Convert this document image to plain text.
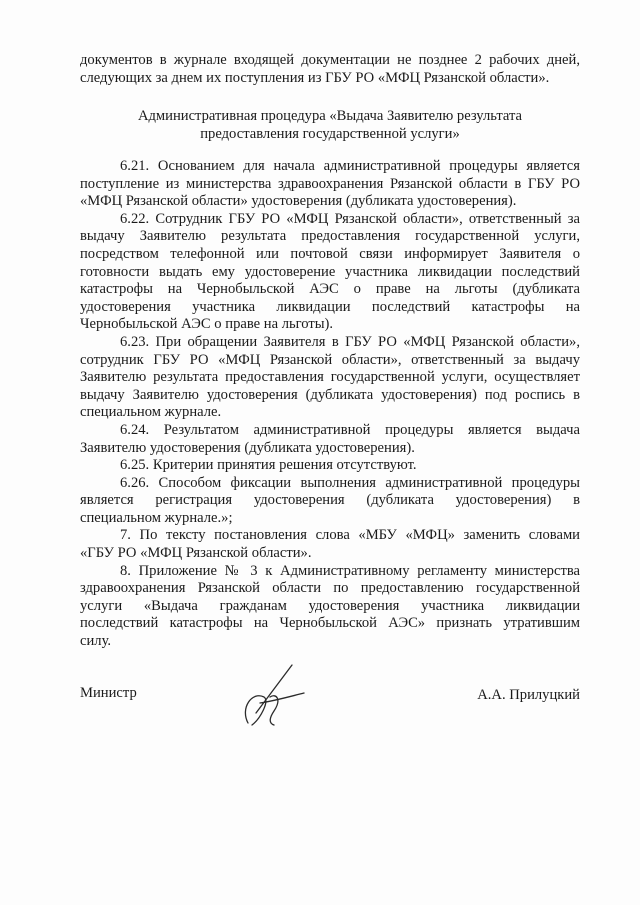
документов в журнале входящей документации не позднее 2 рабочих дней,
следующих за днем их поступления из ГБУ РО «МФЦ Рязанской области».
Административная процедура «Выдача Заявителю результата
предоставления государственной услуги»
6.21. Основанием для начала административной процедуры является
поступление из министерства здравоохранения Рязанской области в ГБУ РО
«МФЦ Рязанской области» удостоверения (дубликата удостоверения).
6.22. Сотрудник ГБУ РО «МФЦ Рязанской области», ответственный за
выдачу Заявителю результата предоставления государственной услуги,
посредством телефонной или почтовой связи информирует Заявителя о
готовности выдать ему удостоверение участника ликвидации последствий
катастрофы на Чернобыльской АЭС о праве на льготы (дубликата
удостоверения участника ликвидации последствий катастрофы на
Чернобыльской АЭС о праве на льготы).
6.23. При обращении Заявителя в ГБУ РО «МФЦ Рязанской области»,
сотрудник ГБУ РО «МФЦ Рязанской области», ответственный за выдачу
Заявителю результата предоставления государственной услуги, осуществляет
выдачу Заявителю удостоверения (дубликата удостоверения) под роспись в
специальном журнале.
6.24. Результатом административной процедуры является выдача
Заявителю удостоверения (дубликата удостоверения).
6.25. Критерии принятия решения отсутствуют.
6.26. Способом фиксации выполнения административной процедуры
является регистрация удостоверения (дубликата удостоверения) в
специальном журнале.»;
7. По тексту постановления слова «МБУ «МФЦ» заменить словами
«ГБУ РО «МФЦ Рязанской области».
8. Приложение № 3 к Административному регламенту министерства
здравоохранения Рязанской области по предоставлению государственной
услуги «Выдача гражданам удостоверения участника ликвидации
последствий катастрофы на Чернобыльской АЭС» признать утратившим
силу.
Министр	А.А. Прилуцкий
